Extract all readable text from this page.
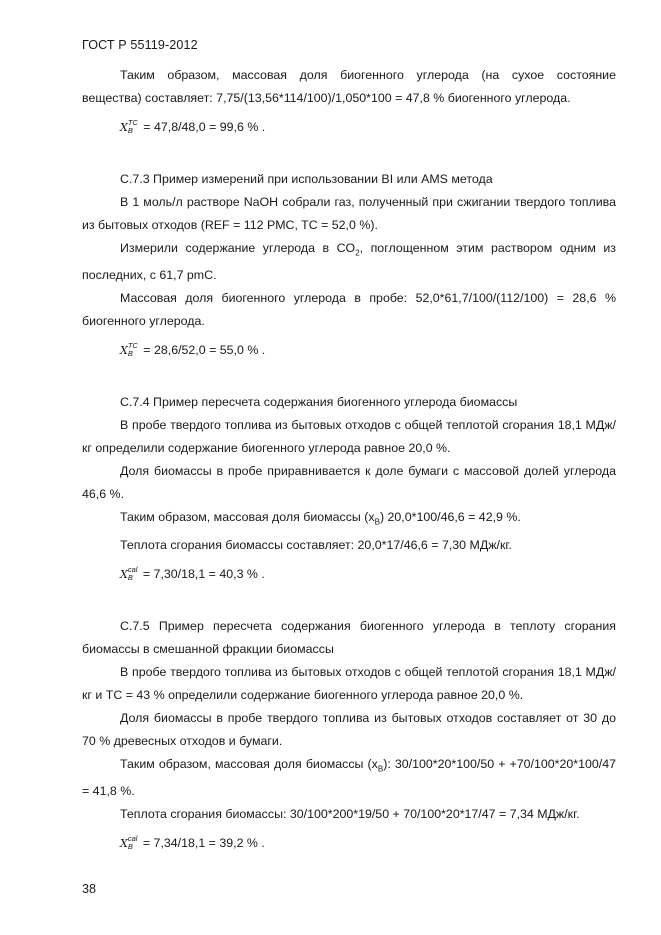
ГОСТ Р 55119-2012

Таким образом, массовая доля биогенного углерода (на сухое состояние

вещества) составляет: 7,75/(13,56*114/100)/1,050*100 = 47,8 % биогенного углерода.

X TC
B = 47,8/48,0 = 99,6 % .

С.7.3 Пример измерений при использовании BI или AMS метода

В 1 моль/л растворе NaOH собрали газ, полученный при сжигании твердого топлива из бытовых отходов (REF = 112 PMC, TC = 52,0 %).

Измерили содержание углерода в $CO_2$, поглощенном этим раствором одним из последних, с 61,7 pmC.

Массовая доля биогенного углерода в пробе: 52,0*61,7/100/(112/100) = 28,6 % биогенного углерода.

X TC
B = 28,6/52,0 = 55,0 % .

С.7.4 Пример пересчета содержания биогенного углерода биомассы

В пробе твердого топлива из бытовых отходов с общей теплотой сгорания 18,1 МДж/кг определили содержание биогенного углерода равное 20,0 %.

Доля биомассы в пробе приравнивается к доле бумаги с массовой долей углерода 46,6 %.

Таким образом, массовая доля биомассы $(x_B) 20,0*100/46,6 = 42,9$ %.

Теплота сгорания биомассы составляет: 20,0*17/46,6 = 7,30 МДж/кг.

X cal
B = 7,30/18,1 = 40,3 % .

С.7.5 Пример пересчета содержания биогенного углерода в теплоту сгорания биомассы в смешанной фракции биомассы

В пробе твердого топлива из бытовых отходов с общей теплотой сгорания 18,1 МДж/кг и TC = 43 % определили содержание биогенного углерода равное 20,0 %.

Доля биомассы в пробе твердого топлива из бытовых отходов составляет от 30 до 70 % древесных отходов и бумаги.

Таким образом, массовая доля биомассы $(x_B)$: 30/100*20*100/50 + +70/100*20*100/47 = 41,8 %.

Теплота сгорания биомассы: 30/100*200*19/50 + 70/100*20*17/47 = 7,34 МДж/кг.

X cal
B = 7,34/18,1 = 39,2 % .

38
